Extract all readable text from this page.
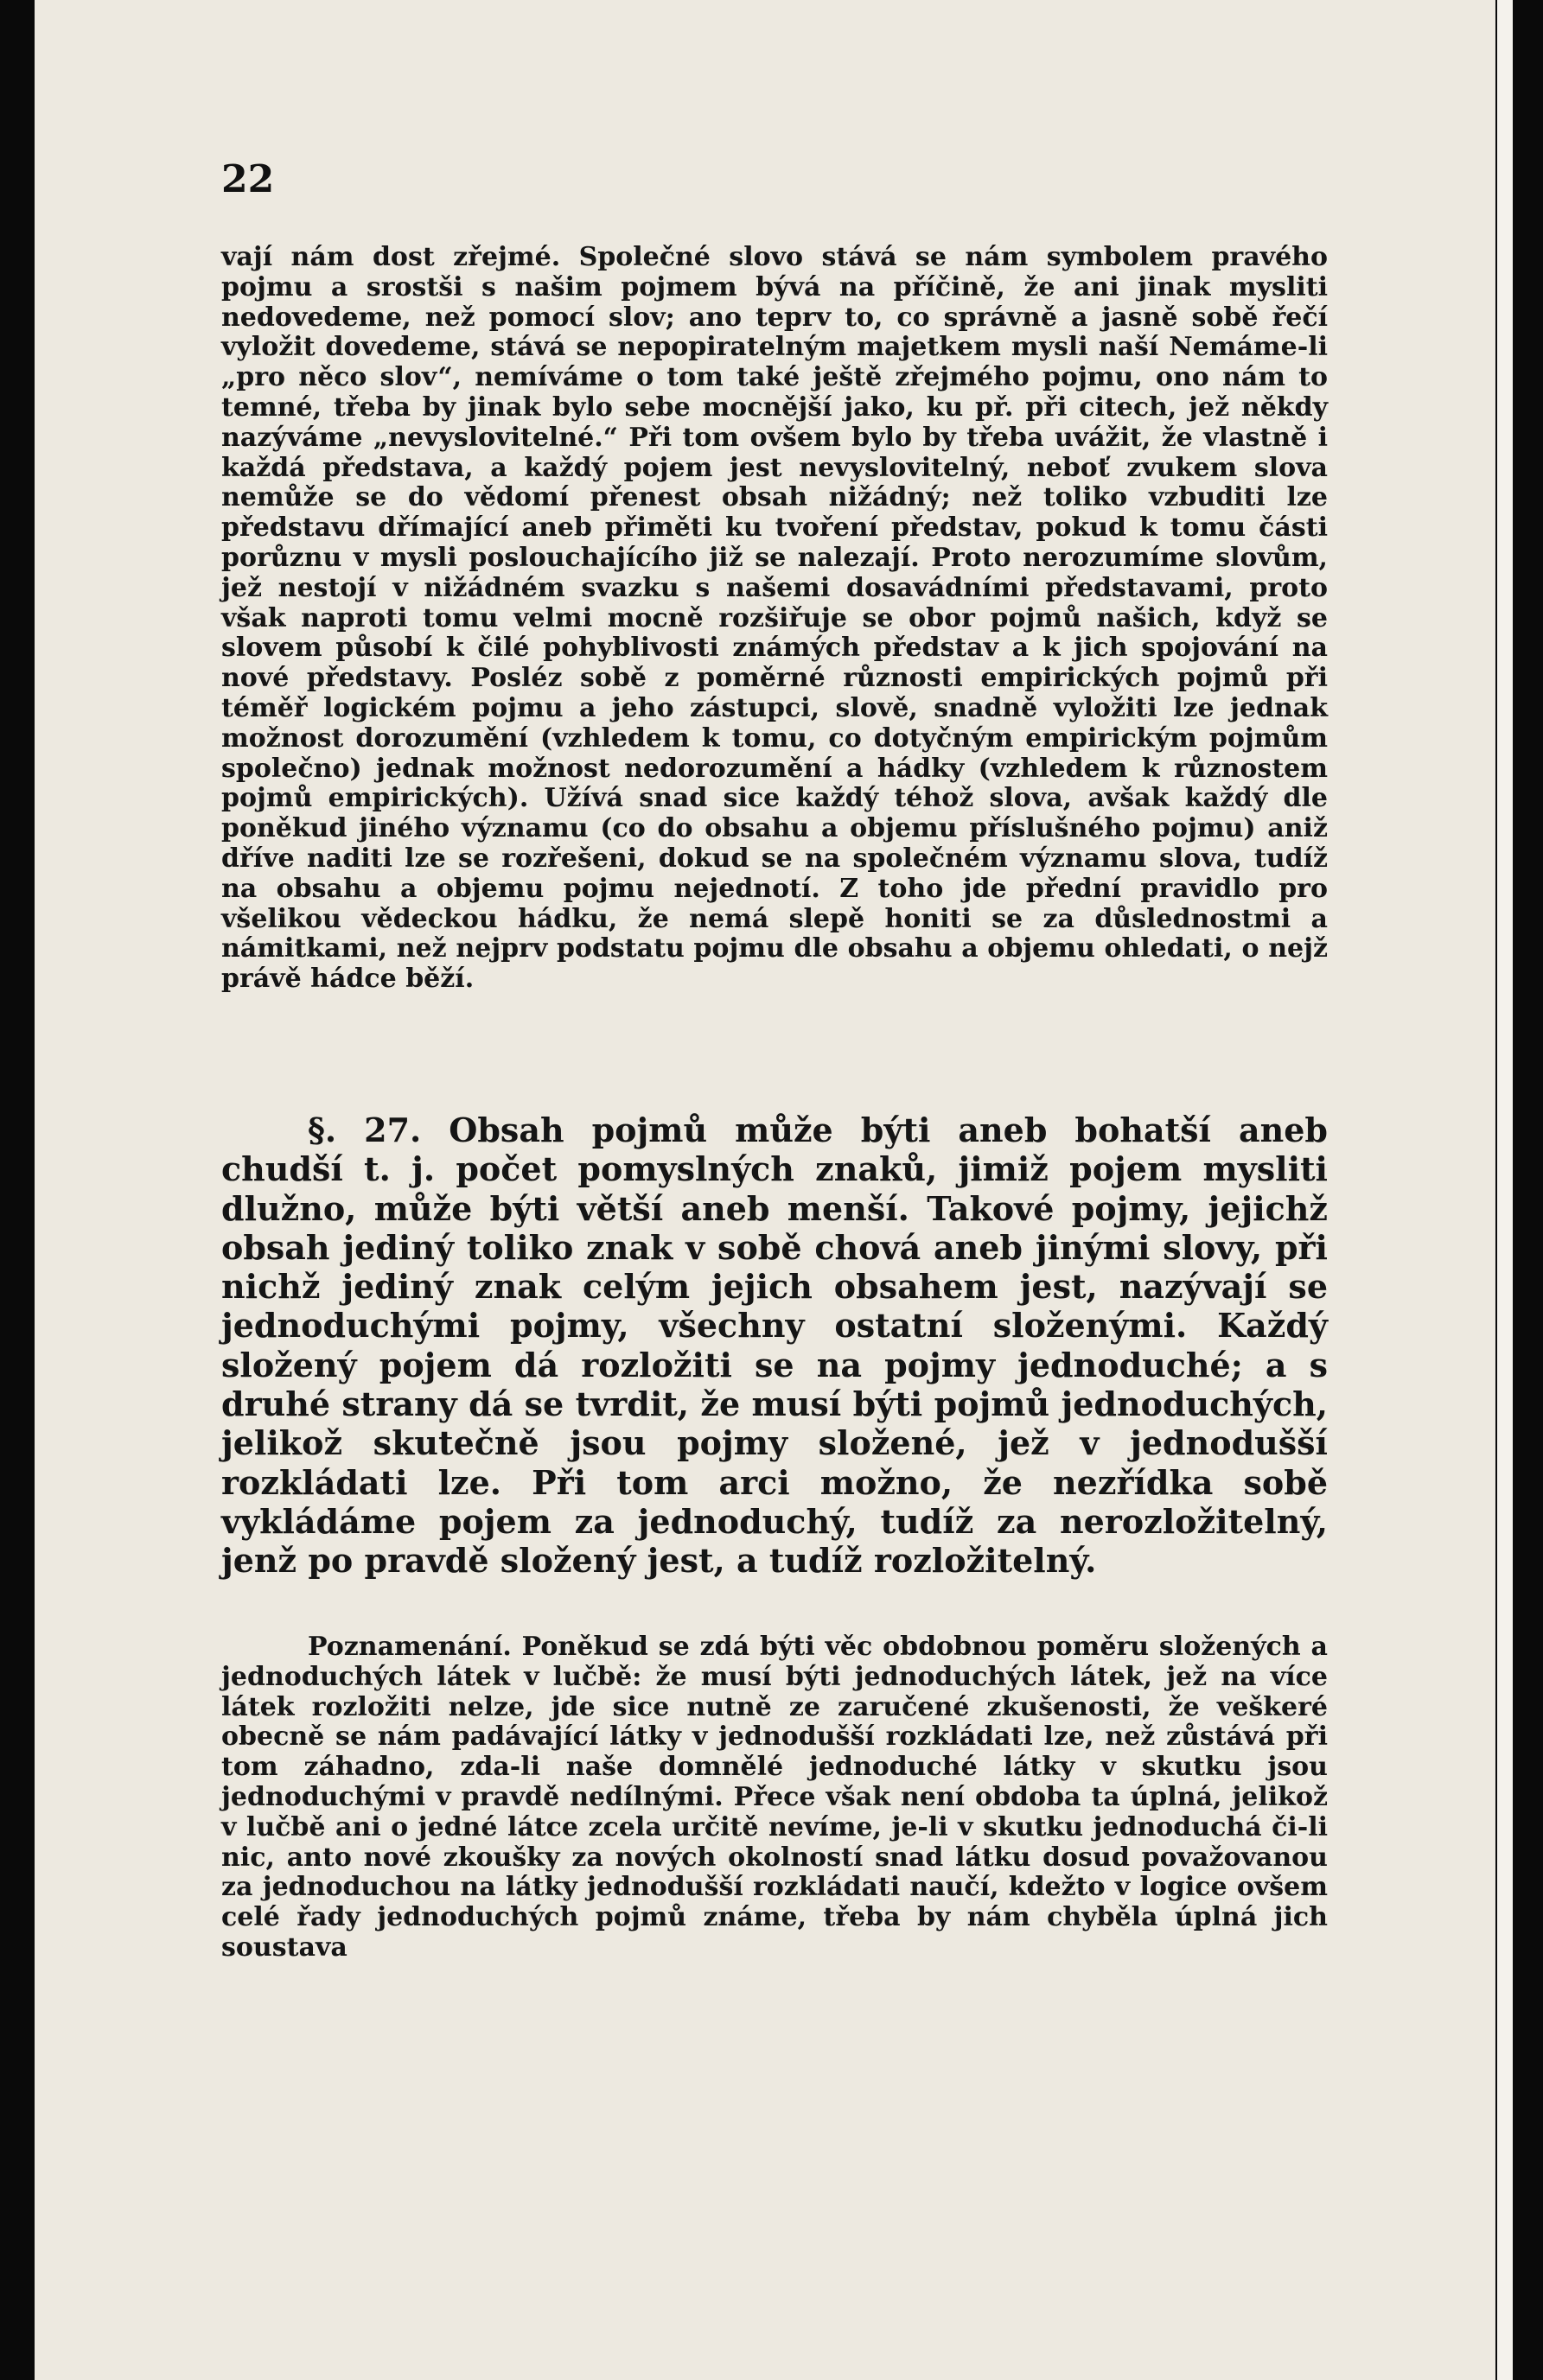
22

vají nám dost zřejmé. Společné slovo stává se nám symbolem pravého pojmu a srostši s našim pojmem bývá na příčině, že ani jinak mysliti nedovedeme, než pomocí slov; ano teprv to, co správně a jasně sobě řečí vyložit dovedeme, stává se nepopiratelným majetkem mysli naší Nemáme-li „pro něco slov“, nemíváme o tom také ještě zřejmého pojmu, ono nám to temné, třeba by jinak bylo sebe mocnější jako, ku př. při citech, jež někdy nazýváme „nevyslovitelné.“ Při tom ovšem bylo by třeba uvážit, že vlastně i každá představa, a každý pojem jest nevyslovitelný, neboť zvukem slova nemůže se do vědomí přenest obsah nižádný; než toliko vzbuditi lze představu dřímající aneb přiměti ku tvoření představ, pokud k tomu části porůznu v mysli poslouchajícího již se nalezají. Proto nerozumíme slovům, jež nestojí v nižádném svazku s našemi dosavádními představami, proto však naproti tomu velmi mocně rozšiřuje se obor pojmů našich, když se slovem působí k čilé pohyblivosti známých představ a k jich spojování na nové představy. Posléz sobě z poměrné různosti empirických pojmů při téměř logickém pojmu a jeho zástupci, slově, snadně vyložiti lze jednak možnost dorozumění (vzhledem k tomu, co dotyčným empirickým pojmům společno) jednak možnost nedorozumění a hádky (vzhledem k různostem pojmů empirických). Užívá snad sice každý téhož slova, avšak každý dle poněkud jiného významu (co do obsahu a objemu příslušného pojmu) aniž dříve naditi lze se rozřešeni, dokud se na společném významu slova, tudíž na obsahu a objemu pojmu nejednotí. Z toho jde přední pravidlo pro všelikou vědeckou hádku, že nemá slepě honiti se za důslednostmi a námitkami, než nejprv podstatu pojmu dle obsahu a objemu ohledati, o nejž právě hádce běží.

§. 27. Obsah pojmů může býti aneb bohatší aneb chudší t. j. počet pomyslných znaků, jimiž pojem mysliti dlužno, může býti větší aneb menší. Takové pojmy, jejichž obsah jediný toliko znak v sobě chová aneb jinými slovy, při nichž jediný znak celým jejich obsahem jest, nazývají se jednoduchými pojmy, všechny ostatní složenými. Každý složený pojem dá rozložiti se na pojmy jednoduché; a s druhé strany dá se tvrdit, že musí býti pojmů jednoduchých, jelikož skutečně jsou pojmy složené, jež v jednodušší rozkládati lze. Při tom arci možno, že nezřídka sobě vykládáme pojem za jednoduchý, tudíž za nerozložitelný, jenž po pravdě složený jest, a tudíž rozložitelný.

Poznamenání. Poněkud se zdá býti věc obdobnou poměru složených a jednoduchých látek v lučbě: že musí býti jednoduchých látek, jež na více látek rozložiti nelze, jde sice nutně ze zaručené zkušenosti, že veškeré obecně se nám padávající látky v jednodušší rozkládati lze, než zůstává při tom záhadno, zda-li naše domnělé jednoduché látky v skutku jsou jednoduchými v pravdě nedílnými. Přece však není obdoba ta úplná, jelikož v lučbě ani o jedné látce zcela určitě nevíme, je-li v skutku jednoduchá či-li nic, anto nové zkoušky za nových okolností snad látku dosud považovanou za jednoduchou na látky jednodušší rozkládati naučí, kdežto v logice ovšem celé řady jednoduchých pojmů známe, třeba by nám chyběla úplná jich soustava
